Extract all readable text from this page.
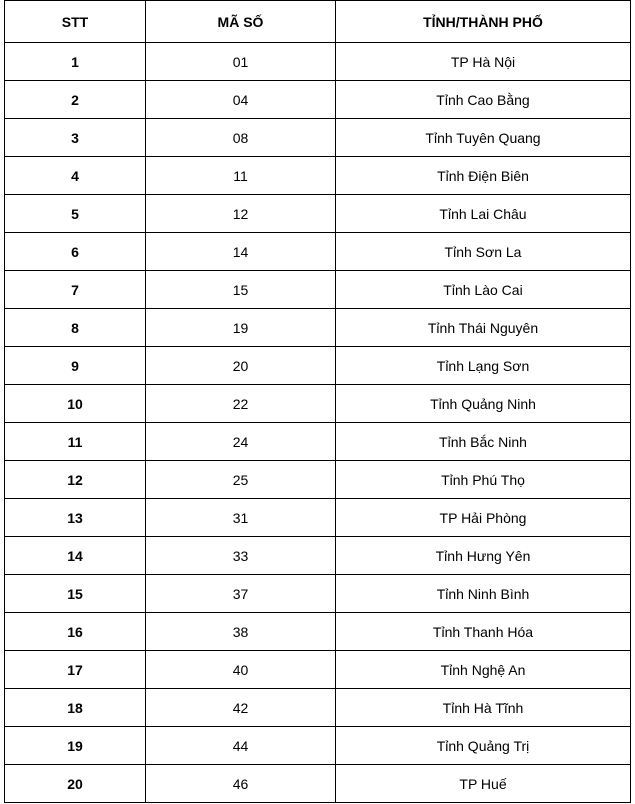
STT	MÃ SỐ	TỈNH/THÀNH PHỐ
1	01	TP Hà Nội
2	04	Tỉnh Cao Bằng
3	08	Tỉnh Tuyên Quang
4	11	Tỉnh Điện Biên
5	12	Tỉnh Lai Châu
6	14	Tỉnh Sơn La
7	15	Tỉnh Lào Cai
8	19	Tỉnh Thái Nguyên
9	20	Tỉnh Lạng Sơn
10	22	Tỉnh Quảng Ninh
11	24	Tỉnh Bắc Ninh
12	25	Tỉnh Phú Thọ
13	31	TP Hải Phòng
14	33	Tỉnh Hưng Yên
15	37	Tỉnh Ninh Bình
16	38	Tỉnh Thanh Hóa
17	40	Tỉnh Nghệ An
18	42	Tỉnh Hà Tĩnh
19	44	Tỉnh Quảng Trị
20	46	TP Huế
